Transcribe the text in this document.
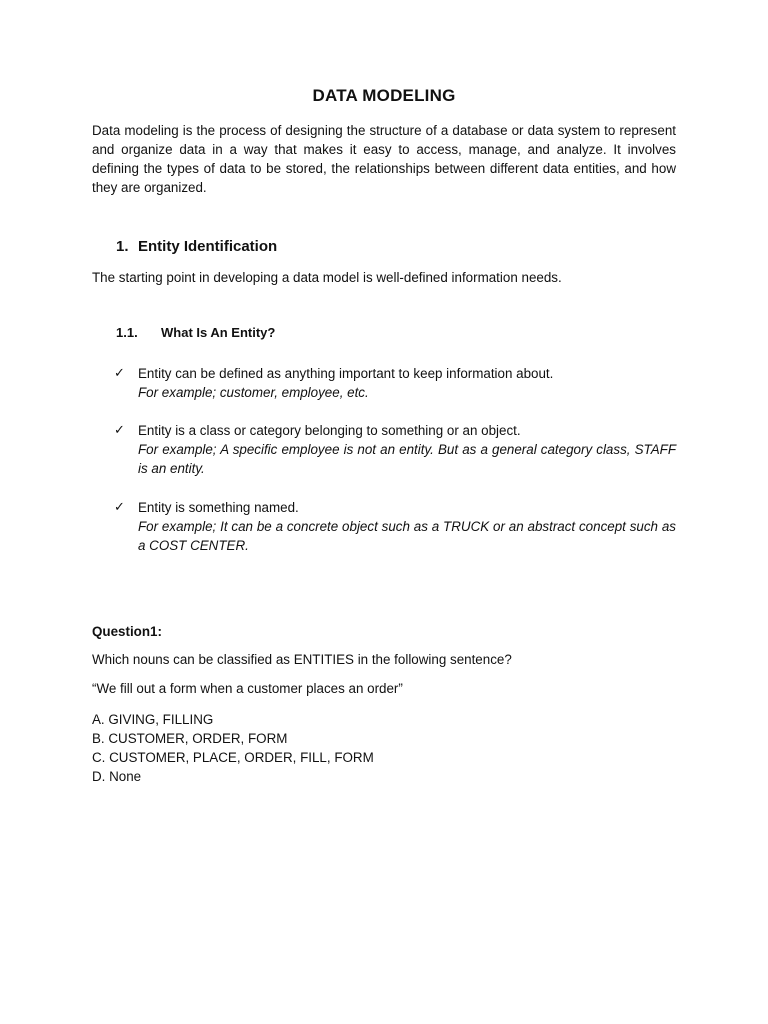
DATA MODELING
Data modeling is the process of designing the structure of a database or data system to represent and organize data in a way that makes it easy to access, manage, and analyze. It involves defining the types of data to be stored, the relationships between different data entities, and how they are organized.
1. Entity Identification
The starting point in developing a data model is well-defined information needs.
1.1. What Is An Entity?
✓ Entity can be defined as anything important to keep information about.
For example; customer, employee, etc.
✓ Entity is a class or category belonging to something or an object.
For example; A specific employee is not an entity. But as a general category class, STAFF is an entity.
✓ Entity is something named.
For example; It can be a concrete object such as a TRUCK or an abstract concept such as a COST CENTER.
Question1:
Which nouns can be classified as ENTITIES in the following sentence?
“We fill out a form when a customer places an order”
A. GIVING, FILLING
B. CUSTOMER, ORDER, FORM
C. CUSTOMER, PLACE, ORDER, FILL, FORM
D. None
